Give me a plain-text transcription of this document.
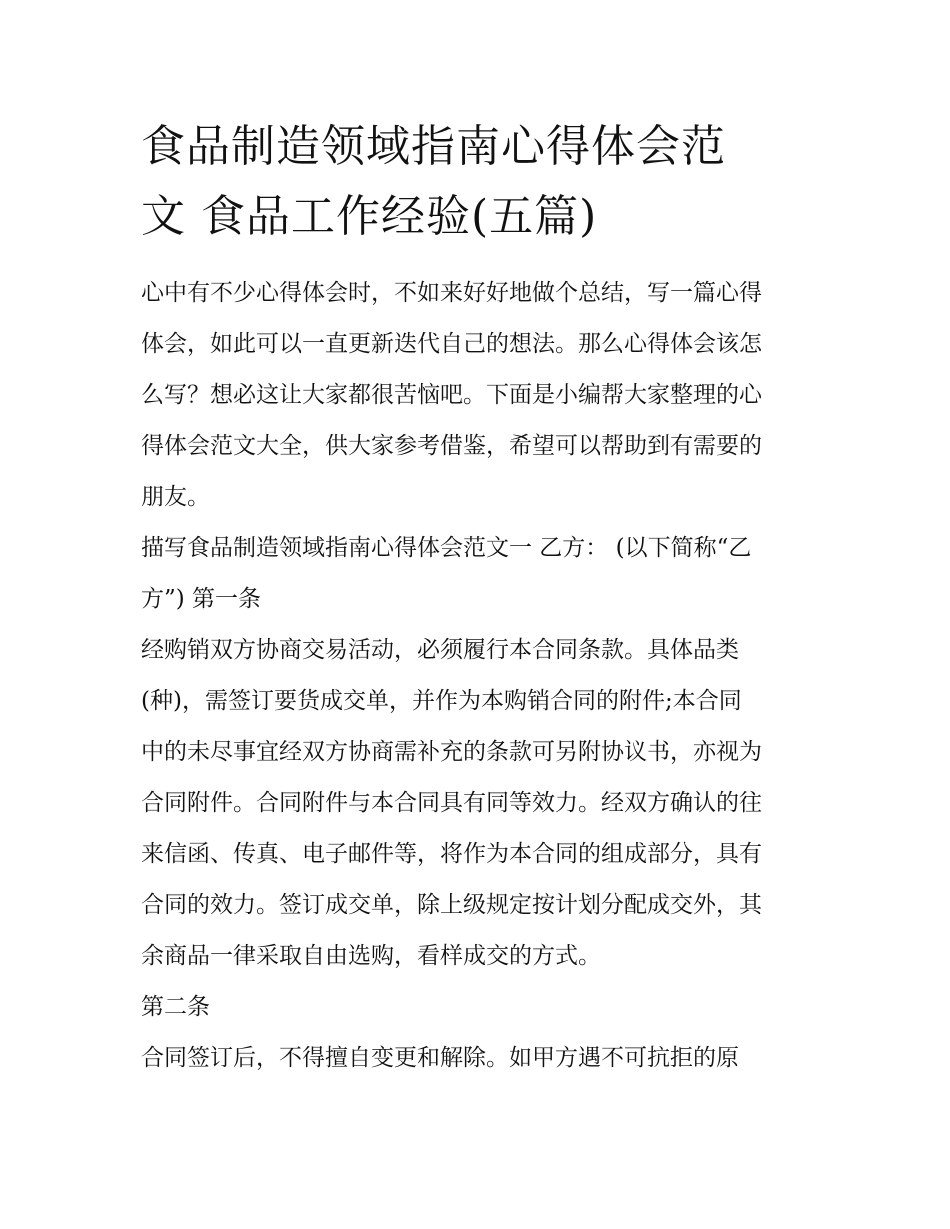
食品制造领域指南心得体会范
文 食品工作经验(五篇)

心中有不少心得体会时，不如来好好地做个总结，写一篇心得
体会，如此可以一直更新迭代自己的想法。那么心得体会该怎
么写？想必这让大家都很苦恼吧。下面是小编帮大家整理的心
得体会范文大全，供大家参考借鉴，希望可以帮助到有需要的
朋友。

描写食品制造领域指南心得体会范文一 乙方： (以下简称“乙
方”) 第一条

经购销双方协商交易活动，必须履行本合同条款。具体品类
(种)，需签订要货成交单，并作为本购销合同的附件;本合同
中的未尽事宜经双方协商需补充的条款可另附协议书，亦视为
合同附件。合同附件与本合同具有同等效力。经双方确认的往
来信函、传真、电子邮件等，将作为本合同的组成部分，具有
合同的效力。签订成交单，除上级规定按计划分配成交外，其
余商品一律采取自由选购，看样成交的方式。

第二条

合同签订后，不得擅自变更和解除。如甲方遇不可抗拒的原
